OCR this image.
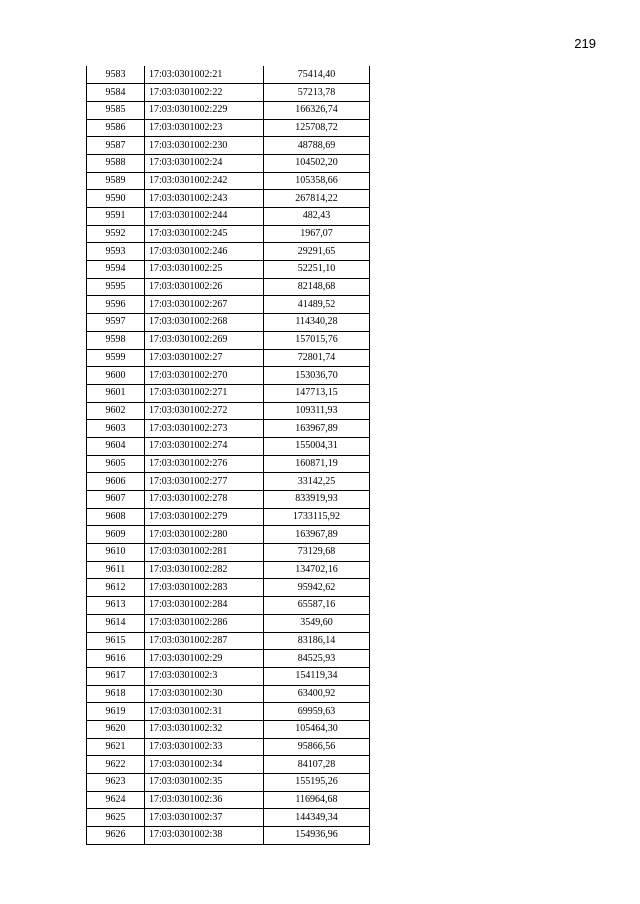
219
9583	17:03:0301002:21	75414,40
9584	17:03:0301002:22	57213,78
9585	17:03:0301002:229	166326,74
9586	17:03:0301002:23	125708,72
9587	17:03:0301002:230	48788,69
9588	17:03:0301002:24	104502,20
9589	17:03:0301002:242	105358,66
9590	17:03:0301002:243	267814,22
9591	17:03:0301002:244	482,43
9592	17:03:0301002:245	1967,07
9593	17:03:0301002:246	29291,65
9594	17:03:0301002:25	52251,10
9595	17:03:0301002:26	82148,68
9596	17:03:0301002:267	41489,52
9597	17:03:0301002:268	114340,28
9598	17:03:0301002:269	157015,76
9599	17:03:0301002:27	72801,74
9600	17:03:0301002:270	153036,70
9601	17:03:0301002:271	147713,15
9602	17:03:0301002:272	109311,93
9603	17:03:0301002:273	163967,89
9604	17:03:0301002:274	155004,31
9605	17:03:0301002:276	160871,19
9606	17:03:0301002:277	33142,25
9607	17:03:0301002:278	833919,93
9608	17:03:0301002:279	1733115,92
9609	17:03:0301002:280	163967,89
9610	17:03:0301002:281	73129,68
9611	17:03:0301002:282	134702,16
9612	17:03:0301002:283	95942,62
9613	17:03:0301002:284	65587,16
9614	17:03:0301002:286	3549,60
9615	17:03:0301002:287	83186,14
9616	17:03:0301002:29	84525,93
9617	17:03:0301002:3	154119,34
9618	17:03:0301002:30	63400,92
9619	17:03:0301002:31	69959,63
9620	17:03:0301002:32	105464,30
9621	17:03:0301002:33	95866,56
9622	17:03:0301002:34	84107,28
9623	17:03:0301002:35	155195,26
9624	17:03:0301002:36	116964,68
9625	17:03:0301002:37	144349,34
9626	17:03:0301002:38	154936,96
